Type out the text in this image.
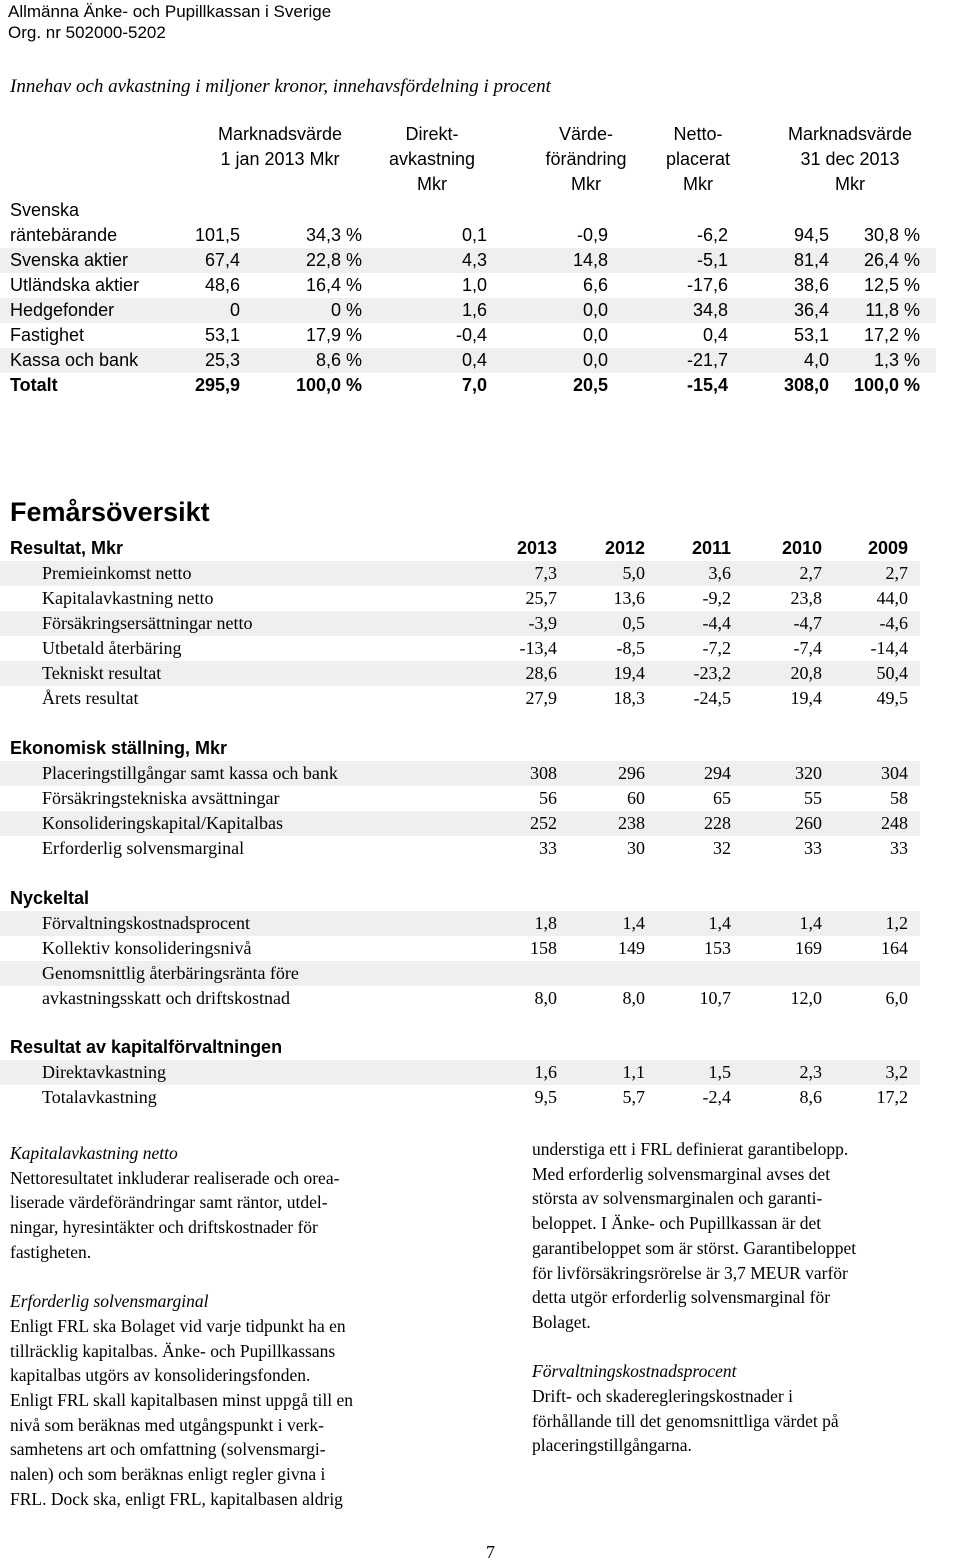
Allmänna Änke- och Pupillkassan i Sverige
Org. nr 502000-5202
Innehav och avkastning i miljoner kronor, innehavsfördelning i procent
Marknadsvärde
1 jan 2013 Mkr
Direkt-
avkastning
Mkr
Värde-
förändring
Mkr
Netto-
placerat
Mkr
Marknadsvärde
31 dec 2013
Mkr
Svenska
räntebärande	101,5	34,3 %	0,1	-0,9	-6,2	94,5 30,8 %
Svenska aktier	67,4	22,8 %	4,3	14,8	-5,1	81,4 26,4 %
Utländska aktier	48,6	16,4 %	1,0	6,6	-17,6	38,6 12,5 %
Hedgefonder	0	0 %	1,6	0,0	34,8	36,4 11,8 %
Fastighet	53,1	17,9 %	-0,4	0,0	0,4	53,1 17,2 %
Kassa och bank	25,3	8,6 %	0,4	0,0	-21,7	4,0 1,3 %
Totalt	295,9	100,0 %	7,0	20,5	-15,4	308,0 100,0 %
Femårsöversikt
Resultat, Mkr	2013	2012	2011	2010	2009
Premieinkomst netto	7,3	5,0	3,6	2,7	2,7
Kapitalavkastning netto	25,7	13,6	-9,2	23,8	44,0
Försäkringsersättningar netto	-3,9	0,5	-4,4	-4,7	-4,6
Utbetald återbäring	-13,4	-8,5	-7,2	-7,4	-14,4
Tekniskt resultat	28,6	19,4	-23,2	20,8	50,4
Årets resultat	27,9	18,3	-24,5	19,4	49,5
Ekonomisk ställning, Mkr
Placeringstillgångar samt kassa och bank	308	296	294	320	304
Försäkringstekniska avsättningar	56	60	65	55	58
Konsolideringskapital/Kapitalbas	252	238	228	260	248
Erforderlig solvensmarginal	33	30	32	33	33
Nyckeltal
Förvaltningskostnadsprocent	1,8	1,4	1,4	1,4	1,2
Kollektiv konsolideringsnivå	158	149	153	169	164
Genomsnittlig återbäringsränta före
avkastningsskatt och driftskostnad	8,0	8,0	10,7	12,0	6,0
Resultat av kapitalförvaltningen
Direktavkastning	1,6	1,1	1,5	2,3	3,2
Totalavkastning	9,5	5,7	-2,4	8,6	17,2

Kapitalavkastning netto

Nettoresultatet inkluderar realiserade och orea-

liserade värdeförändringar samt räntor, utdel-

ningar, hyresintäkter och driftskostnader för

fastigheten.

Erforderlig solvensmarginal

Enligt FRL ska Bolaget vid varje tidpunkt ha en

tillräcklig kapitalbas. Änke- och Pupillkassans

kapitalbas utgörs av konsolideringsfonden.

Enligt FRL skall kapitalbasen minst uppgå till en

nivå som beräknas med utgångspunkt i verk-

samhetens art och omfattning (solvensmargi-

nalen) och som beräknas enligt regler givna i

FRL. Dock ska, enligt FRL, kapitalbasen aldrig

understiga ett i FRL definierat garantibelopp.

Med erforderlig solvensmarginal avses det

största av solvensmarginalen och garanti-

beloppet. I Änke- och Pupillkassan är det

garantibeloppet som är störst. Garantibeloppet

för livförsäkringsrörelse är 3,7 MEUR varför

detta utgör erforderlig solvensmarginal för

Bolaget.

Förvaltningskostnadsprocent

Drift- och skaderegleringskostnader i

förhållande till det genomsnittliga värdet på

placeringstillgångarna.

7
